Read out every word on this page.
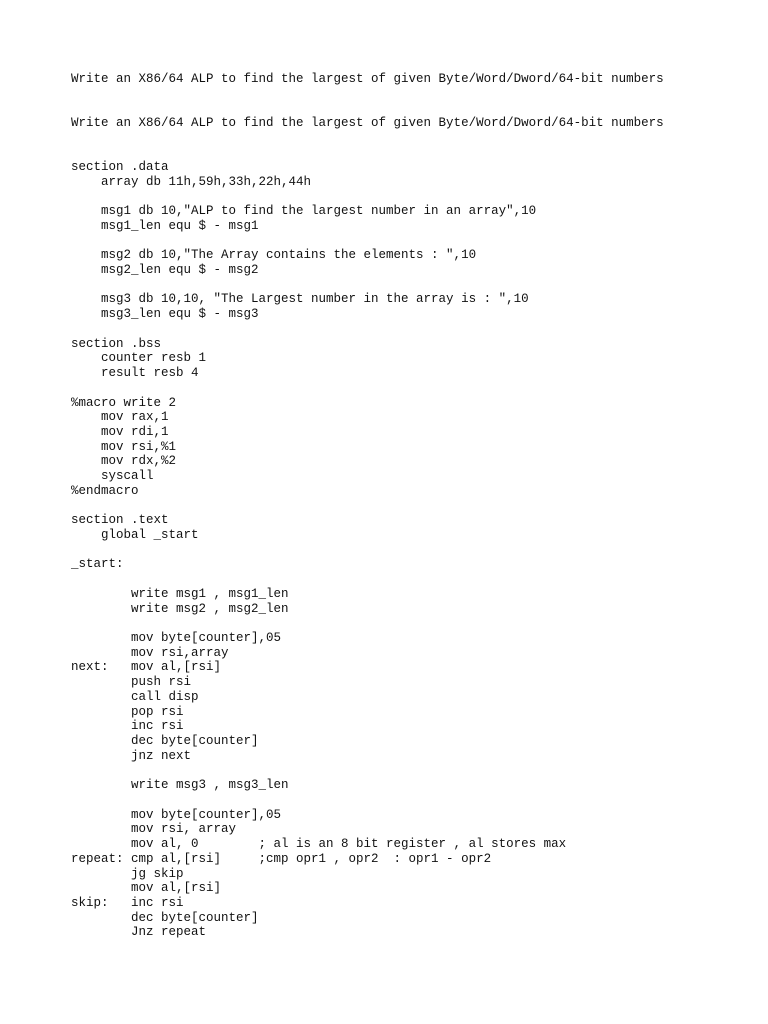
Write an X86/64 ALP to find the largest of given Byte/Word/Dword/64-bit numbers

Write an X86/64 ALP to find the largest of given Byte/Word/Dword/64-bit numbers

section .data
array db 11h,59h,33h,22h,44h
msg1 db 10,"ALP to find the largest number in an array",10
msg1_len equ $ - msg1
msg2 db 10,"The Array contains the elements : ",10
msg2_len equ $ - msg2
msg3 db 10,10, "The Largest number in the array is : ",10
msg3_len equ $ - msg3
section .bss
counter resb 1
result resb 4
%macro write 2
mov rax,1
mov rdi,1
mov rsi,%1
mov rdx,%2
syscall
%endmacro
section .text
global _start
_start:
write msg1 , msg1_len
write msg2 , msg2_len
mov byte[counter],05
mov rsi,array
next:   mov al,[rsi]
push rsi
call disp
pop rsi
inc rsi
dec byte[counter]
jnz next
write msg3 , msg3_len
mov byte[counter],05
mov rsi, array
mov al, 0        ; al is an 8 bit register , al stores max
repeat: cmp al,[rsi]     ;cmp opr1 , opr2  : opr1 - opr2
jg skip
mov al,[rsi]
skip:   inc rsi
dec byte[counter]
Jnz repeat
